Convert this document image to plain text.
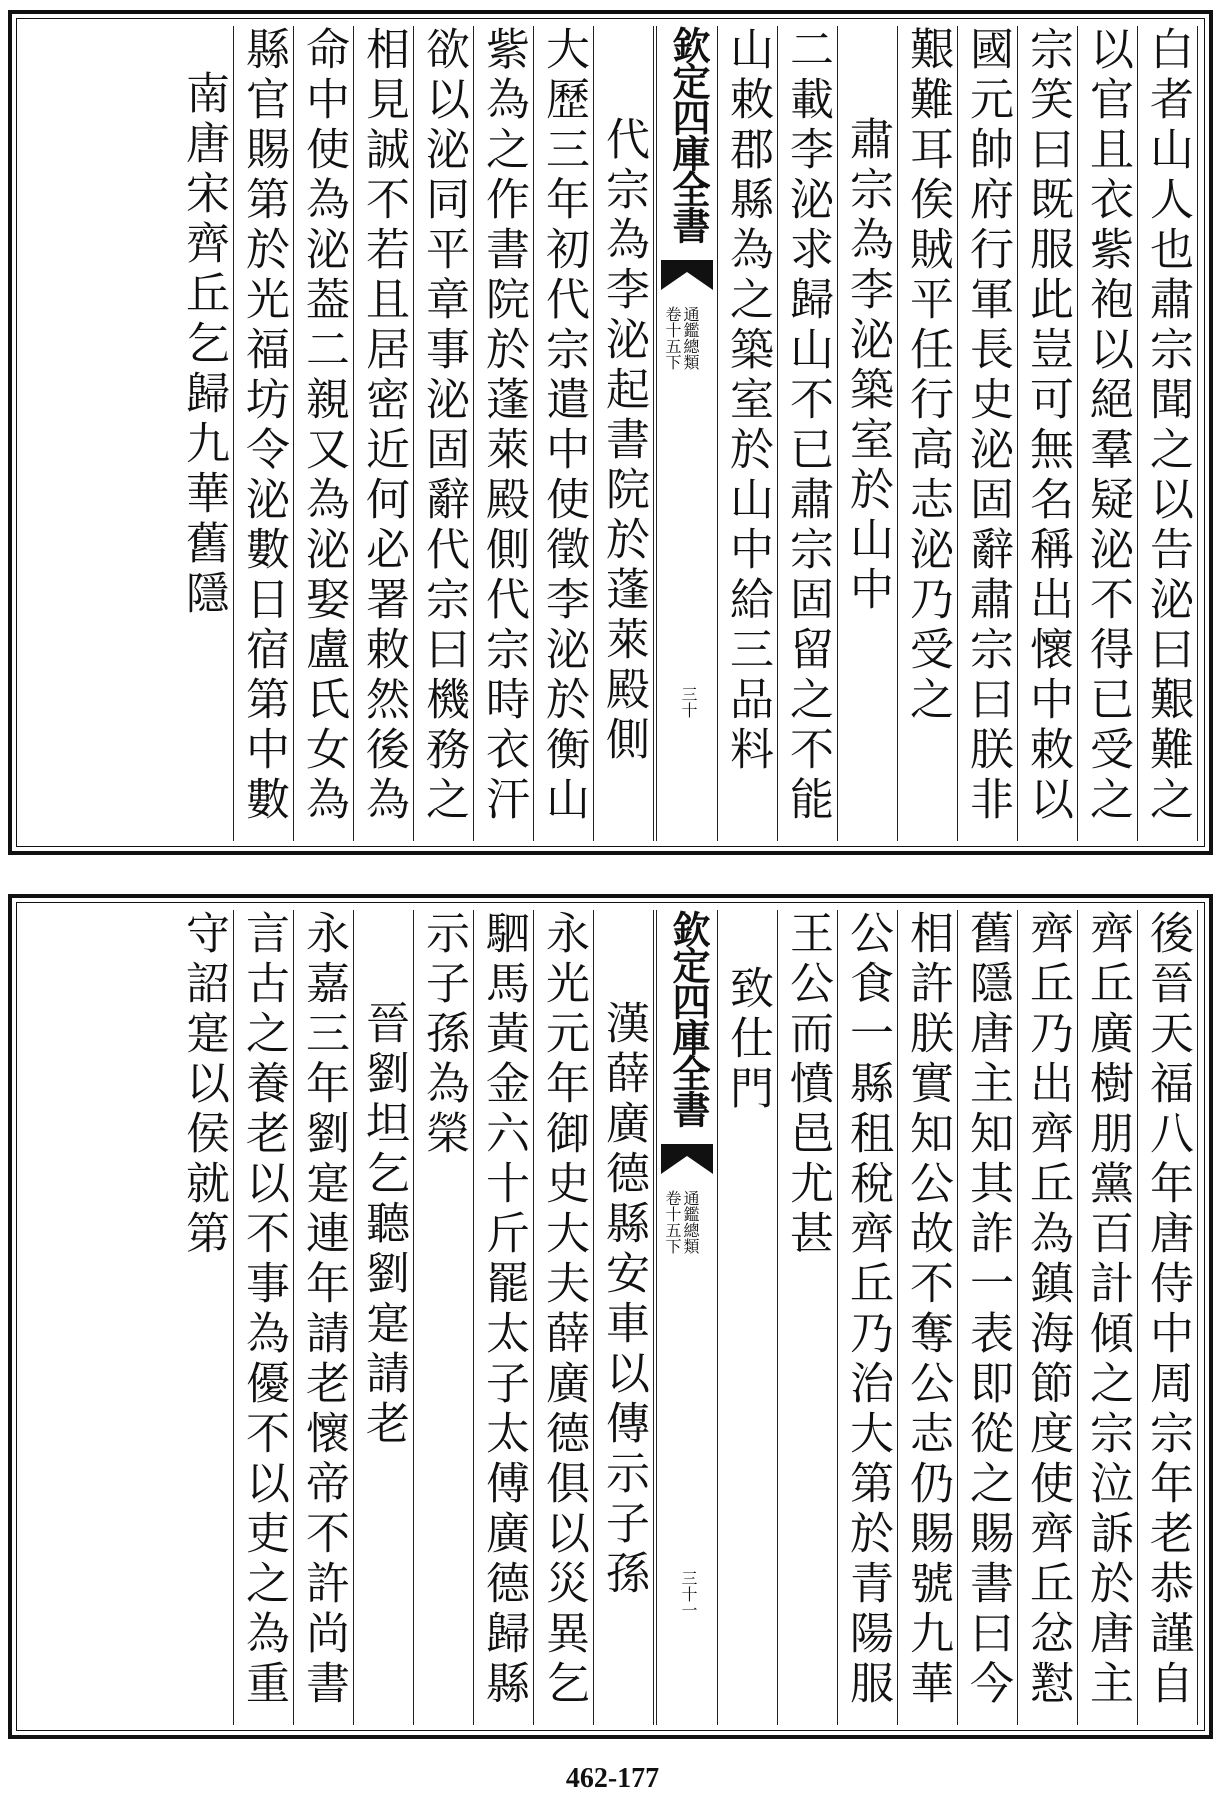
白者山人也肅宗聞之以告泌曰艱難之
以官且衣紫袍以絕羣疑泌不得已受之
宗笑曰既服此豈可無名稱出懷中敕以
國元帥府行軍長史泌固辭肅宗曰朕非
艱難耳俟賊平任行高志泌乃受之
肅宗為李泌築室於山中
二載李泌求歸山不已肅宗固留之不能
山敕郡縣為之築室於山中給三品料
欽定四庫全書
通鑑總類
卷十五下
三十
代宗為李泌起書院於蓬萊殿側
大歷三年初代宗遣中使徵李泌於衡山
紫為之作書院於蓬萊殿側代宗時衣汗
欲以泌同平章事泌固辭代宗曰機務之
相見誠不若且居密近何必署敕然後為
命中使為泌葢二親又為泌娶盧氏女為
縣官賜第於光福坊令泌數日宿第中數
南唐宋齊丘乞歸九華舊隱
後晉天福八年唐侍中周宗年老恭謹自
齊丘廣樹朋黨百計傾之宗泣訴於唐主
齊丘乃出齊丘為鎮海節度使齊丘忿懟
舊隱唐主知其詐一表即從之賜書曰今
相許朕實知公故不奪公志仍賜號九華
公食一縣租稅齊丘乃治大第於青陽服
王公而憤邑尤甚
致仕門
欽定四庫全書
通鑑總類
卷十五下
三十一
漢薛廣德縣安車以傳示子孫
永光元年御史大夫薛廣德俱以災異乞
駟馬黃金六十斤罷太子太傅廣德歸縣
示子孫為榮
晉劉坦乞聽劉寔請老
永嘉三年劉寔連年請老懷帝不許尚書
言古之養老以不事為優不以吏之為重
守詔寔以侯就第
462-177
